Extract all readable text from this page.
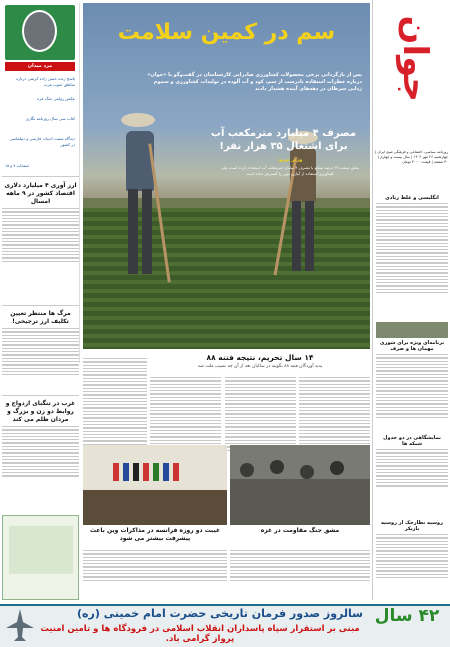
جوان
روزنامه سیاسی، اجتماعی و فرهنگی صبح ایران | چهارشنبه ۲۶ مهر ۱۴۰۲ | سال بیست و چهارم | ۳۰ صفحه | قیمت: ۳۰۰۰ تومان
انگلیسی و غلط زیادی
برنامه‌ای ویژه برای شوری مهمان ها و صرف
نمایشگاهی در دو جدول شبکه ها
روسیه نظارخک از روسیه بازیکر
سم در کمین سلامت
پس از بازگردانی برخی محصولات کشاورزی صادراتی کارشناسان در گفت‌وگو با «جوان» درباره خطرات استفاده نادرست از سم، کود و آب آلوده در تولیدات کشاورزی و سموم زدایی سرطان در دهه‌های آینده هشدار دادند
مصرف ۴ میلیارد مترمکعب آب برای اشتغال ۳۵ هزار نفر!
وزیر نیرو:
بخش صنعت ۲۷ درصد صنایع با مصرف ۴ میلیارد مترمکعب آب استخدام کرده است، ولی کشاورزی استفاده از آبیاری نوین را گسترش نداده است
مرد میدان
پاسخ زنده حسن زاده کریمی درباره مناطق جنوب غرب
عکس روایتی جنگ غزه
کتاب سی سال روزنامه نگاری
دیدگاه سمت ادبیات فارسی و دیپلماسی در کشور
صفحات ۷ و ۱۵
ارز آوری ۴ میلیارد دلاری اقتصاد کشور در ۹ ماهه امسال
مرگ ها منتظر تعیین تکلیف ارز ترجیحی!
غرب در تنگنای ازدواج و روابط دو زن و بزرگ و مردان ظلم می کند
۱۴ سال تحریم، نتیجه فتنه ۸۸
پدید آوردگان فتنه ۸۸ بگویند در سالیان بعد از آن چه نصیب ملت شد
مشق جنگ مقاومت در غزه
غیبت دو روزه فرانسه در مذاکرات وین باعث پیشرفت بیشتر می شود
سالروز صدور فرمان تاریخی حضرت امام خمینی (ره)
مبنی بر استقرار سپاه پاسداران انقلاب اسلامی در فرودگاه ها و تامین امنیت پرواز گرامی باد.
۴۲ سال
